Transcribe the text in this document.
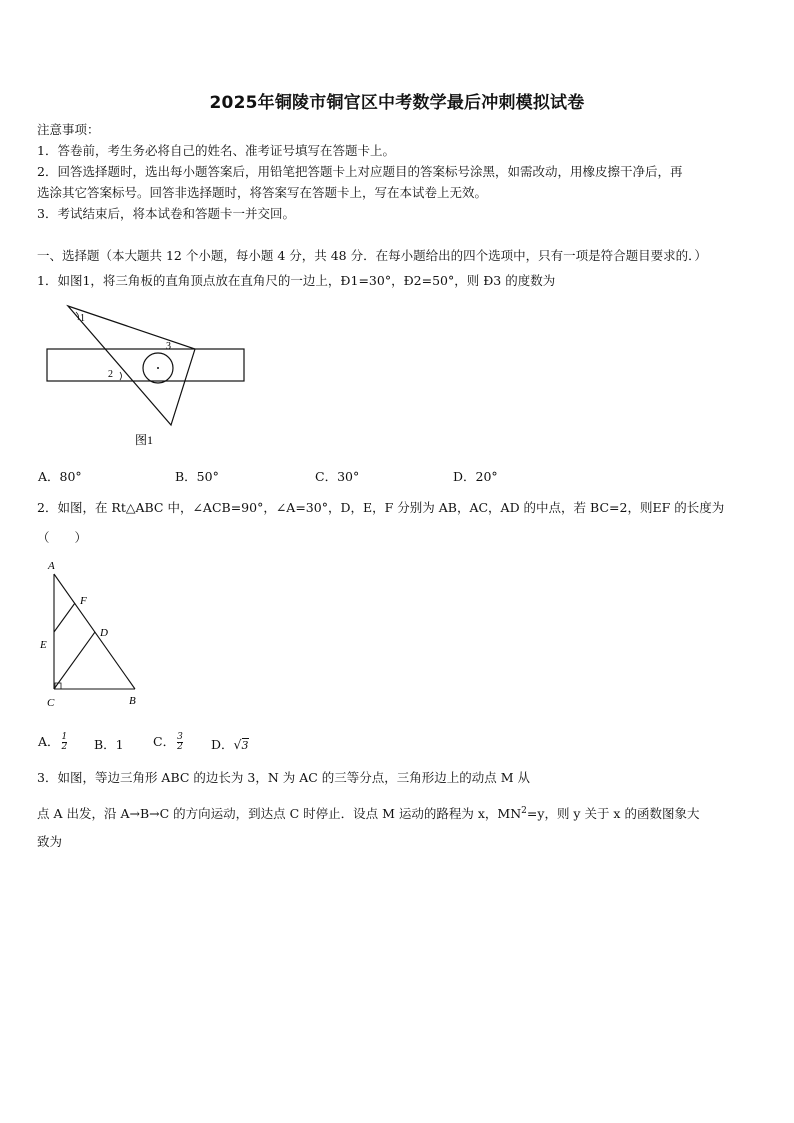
2025年铜陵市铜官区中考数学最后冲刺模拟试卷
注意事项：
1．答卷前，考生务必将自己的姓名、准考证号填写在答题卡上。
2．回答选择题时，选出每小题答案后，用铅笔把答题卡上对应题目的答案标号涂黑，如需改动，用橡皮擦干净后，再
选涂其它答案标号。回答非选择题时，将答案写在答题卡上，写在本试卷上无效。
3．考试结束后，将本试卷和答题卡一并交回。
一、选择题（本大题共 12 个小题，每小题 4 分，共 48 分．在每小题给出的四个选项中，只有一项是符合题目要求的．）
1．如图1，将三角板的直角顶点放在直角尺的一边上，Ð1=30°，Ð2=50°，则 Ð3 的度数为
1
2
3
图1
A．80°	B．50°	C．30°	D．20°
2．如图，在 Rt△ABC 中，∠ACB=90°，∠A=30°，D，E，F 分别为 AB，AC，AD 的中点，若 BC=2，则EF 的长度为
（　　）
A
F
D
E
C	B
A． $\frac{1}{2}$ B．1 C． $\frac{3}{2}$ D．√3
3．如图，等边三角形 ABC 的边长为 3，N 为 AC 的三等分点，三角形边上的动点 M 从
点 A 出发，沿 A→B→C 的方向运动，到达点 C 时停止．设点 M 运动的路程为 x，$MN^2=y$，则 y 关于 x 的函数图象大
致为
